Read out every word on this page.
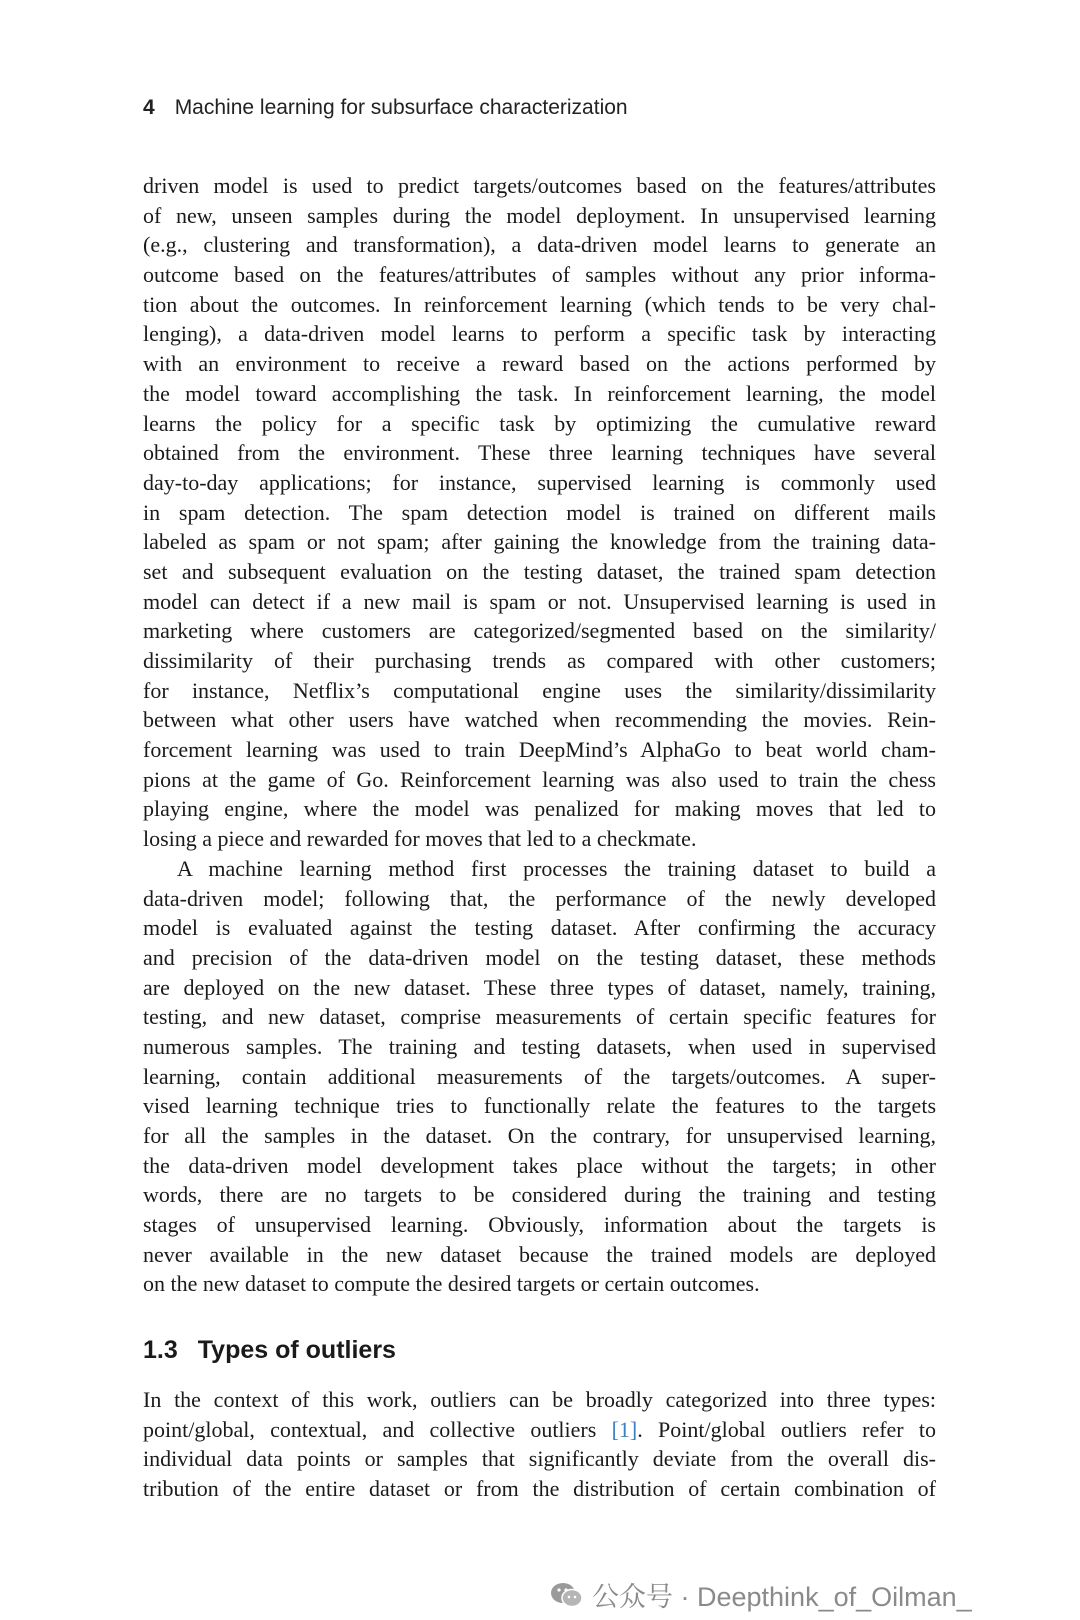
4 Machine learning for subsurface characterization
driven model is used to predict targets/outcomes based on the features/attributes
of new, unseen samples during the model deployment. In unsupervised learning
(e.g., clustering and transformation), a data-driven model learns to generate an
outcome based on the features/attributes of samples without any prior informa-
tion about the outcomes. In reinforcement learning (which tends to be very chal-
lenging), a data-driven model learns to perform a specific task by interacting
with an environment to receive a reward based on the actions performed by
the model toward accomplishing the task. In reinforcement learning, the model
learns the policy for a specific task by optimizing the cumulative reward
obtained from the environment. These three learning techniques have several
day-to-day applications; for instance, supervised learning is commonly used
in spam detection. The spam detection model is trained on different mails
labeled as spam or not spam; after gaining the knowledge from the training data-
set and subsequent evaluation on the testing dataset, the trained spam detection
model can detect if a new mail is spam or not. Unsupervised learning is used in
marketing where customers are categorized/segmented based on the similarity/
dissimilarity of their purchasing trends as compared with other customers;
for instance, Netflix’s computational engine uses the similarity/dissimilarity
between what other users have watched when recommending the movies. Rein-
forcement learning was used to train DeepMind’s AlphaGo to beat world cham-
pions at the game of Go. Reinforcement learning was also used to train the chess
playing engine, where the model was penalized for making moves that led to
losing a piece and rewarded for moves that led to a checkmate.
A machine learning method first processes the training dataset to build a
data-driven model; following that, the performance of the newly developed
model is evaluated against the testing dataset. After confirming the accuracy
and precision of the data-driven model on the testing dataset, these methods
are deployed on the new dataset. These three types of dataset, namely, training,
testing, and new dataset, comprise measurements of certain specific features for
numerous samples. The training and testing datasets, when used in supervised
learning, contain additional measurements of the targets/outcomes. A super-
vised learning technique tries to functionally relate the features to the targets
for all the samples in the dataset. On the contrary, for unsupervised learning,
the data-driven model development takes place without the targets; in other
words, there are no targets to be considered during the training and testing
stages of unsupervised learning. Obviously, information about the targets is
never available in the new dataset because the trained models are deployed
on the new dataset to compute the desired targets or certain outcomes.
1.3 Types of outliers
In the context of this work, outliers can be broadly categorized into three types:
point/global, contextual, and collective outliers [1]. Point/global outliers refer to
individual data points or samples that significantly deviate from the overall dis-
tribution of the entire dataset or from the distribution of certain combination of
公众号 · Deepthink_of_Oilman_
